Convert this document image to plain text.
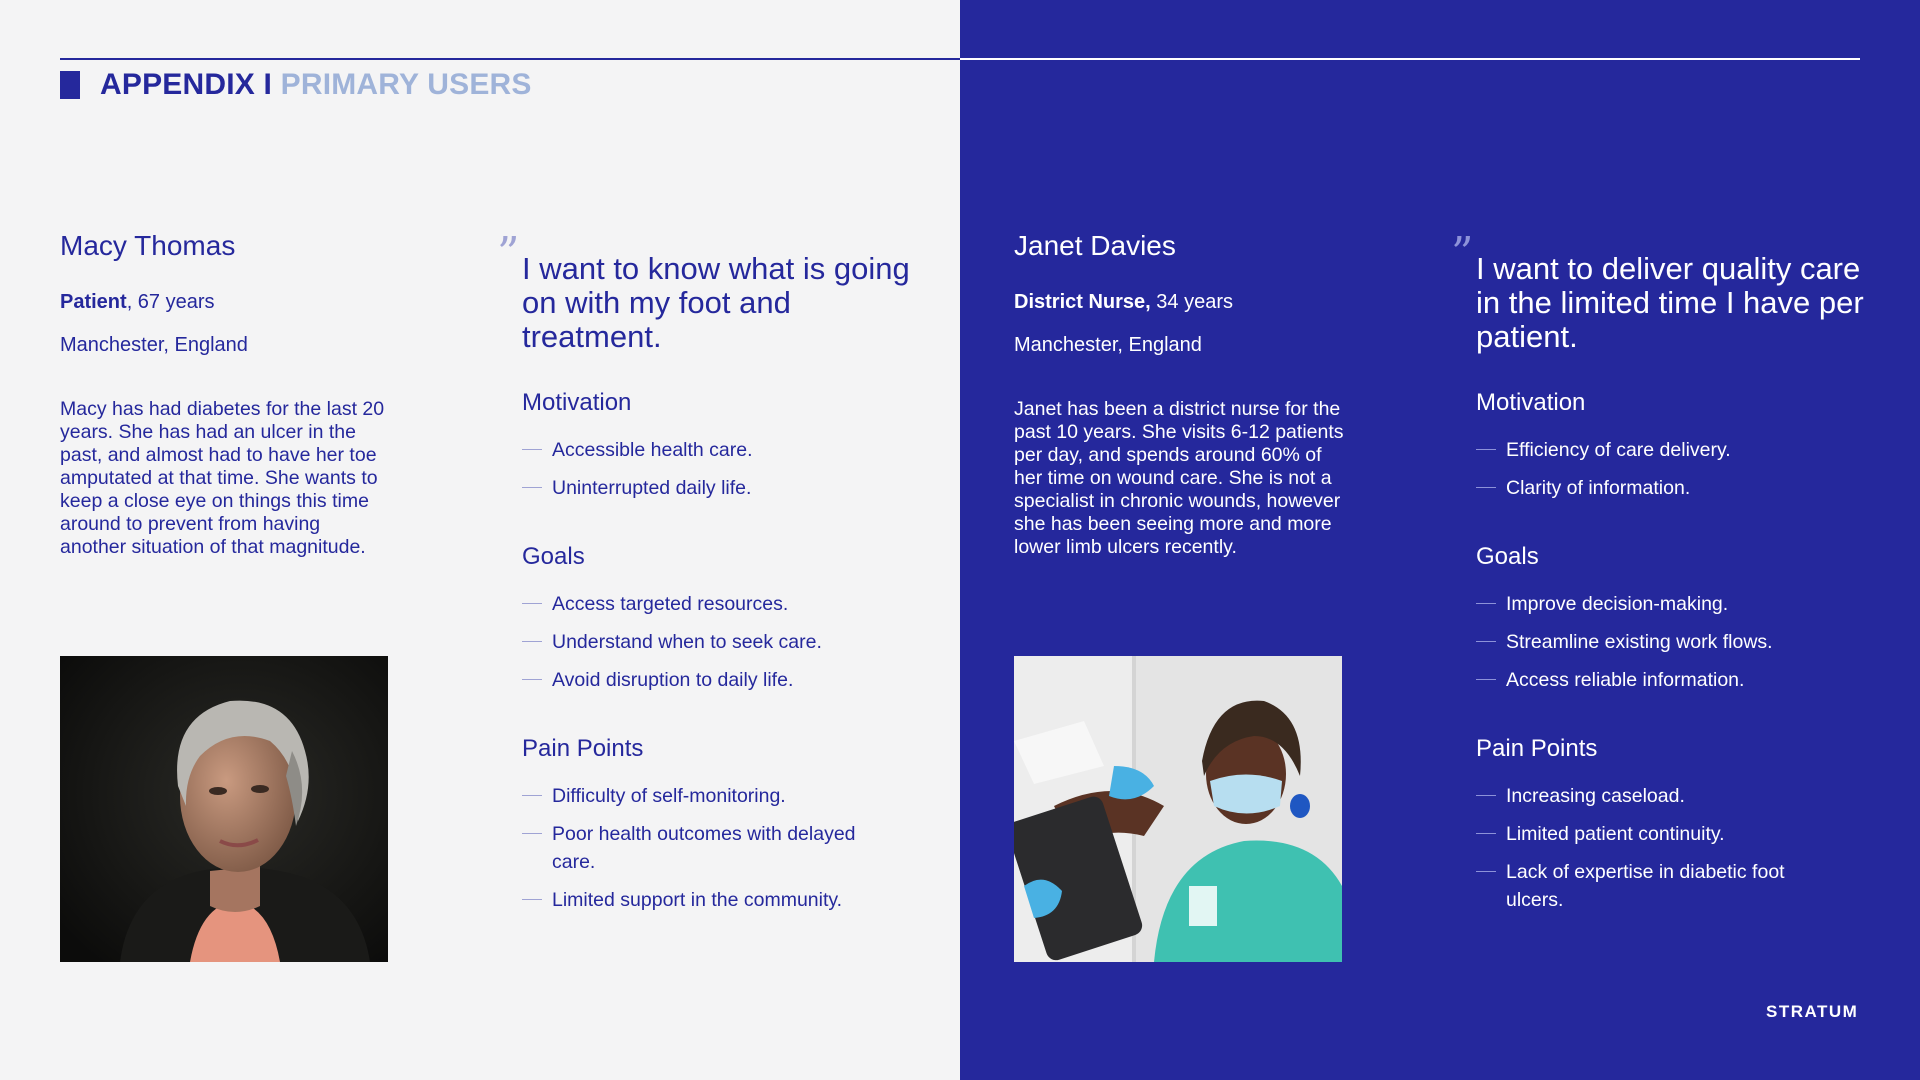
APPENDIX I PRIMARY USERS
Macy Thomas
Patient, 67 years
Manchester, England
Macy has had diabetes for the last 20 years. She has had an ulcer in the past, and almost had to have her toe amputated at that time. She wants to keep a close eye on things this time around to prevent from having another situation of that magnitude.
” I want to know what is going on with my foot and treatment.
Motivation
Accessible health care.
Uninterrupted daily life.
Goals
Access targeted resources.
Understand when to seek care.
Avoid disruption to daily life.
Pain Points
Difficulty of self-monitoring.
Poor health outcomes with delayed care.
Limited support in the community.
Janet Davies
District Nurse, 34 years
Manchester, England
Janet has been a district nurse for the past 10 years. She visits 6-12 patients per day, and spends around 60% of her time on wound care. She is not a specialist in chronic wounds, however she has been seeing more and more lower limb ulcers recently.
” I want to deliver quality care in the limited time I have per patient.
Motivation
Efficiency of care delivery.
Clarity of information.
Goals
Improve decision-making.
Streamline existing work flows.
Access reliable information.
Pain Points
Increasing caseload.
Limited patient continuity.
Lack of expertise in diabetic foot ulcers.
STRATUM
